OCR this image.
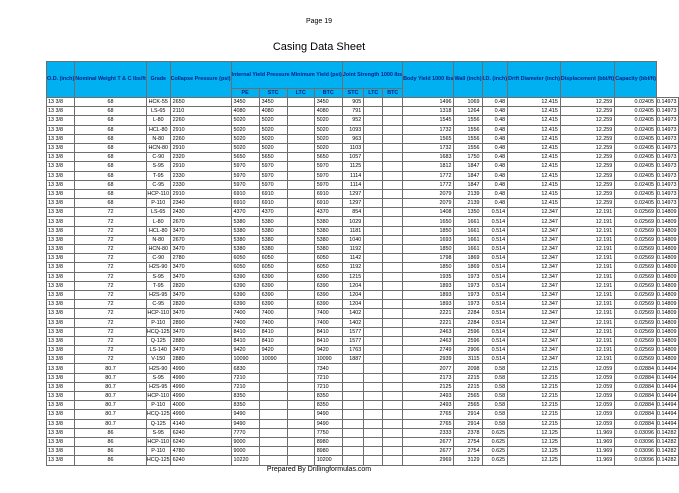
Page 19
Casing Data Sheet
O.D. (inch)	Nominal Weight T & C lbs/ft	Grade	Collapse Pressure (psi)	Internal Yield Pressure Minimum Yield (psi)				Joint Strength 1000 lbs			Body Yield 1000 lbs	Wall (inch)	I.D. (inch)	Drift Diameter (inch)	Displacement (bbl/ft)	Capacity (bbl/ft)	
				PE	STC	LTC	BTC	STC	LTC	BTC							
13 3/8	68	HCK-55	2650	3450	3450		3450	905			1496	1069	0.48	12.415	12.259	0.02405	0.14973
13 3/8	68	LS-65	2110	4080	4080		4080	791			1318	1264	0.48	12.415	12.259	0.02405	0.14973
13 3/8	68	L-80	2260	5020	5020		5020	952			1545	1556	0.48	12.415	12.259	0.02405	0.14973
13 3/8	68	HCL-80	2910	5020	5020		5020	1093			1732	1556	0.48	12.415	12.259	0.02405	0.14973
13 3/8	68	N-80	2260	5020	5020		5020	963			1565	1556	0.48	12.415	12.259	0.02405	0.14973
13 3/8	68	HCN-80	2910	5020	5020		5020	1103			1732	1556	0.48	12.415	12.259	0.02405	0.14973
13 3/8	68	C-90	2320	5650	5650		5650	1057			1683	1750	0.48	12.415	12.259	0.02405	0.14973
13 3/8	68	S-95	2910	5970	5970		5970	1125			1812	1847	0.48	12.415	12.259	0.02405	0.14973
13 3/8	68	T-95	2330	5970	5970		5970	1114			1772	1847	0.48	12.415	12.259	0.02405	0.14973
13 3/8	68	C-95	2330	5970	5970		5970	1114			1772	1847	0.48	12.415	12.259	0.02405	0.14973
13 3/8	68	HCP-110	2910	6910	6910		6910	1297			2079	2139	0.48	12.415	12.259	0.02405	0.14973
13 3/8	68	P-110	2340	6910	6910		6910	1297			2079	2139	0.48	12.415	12.259	0.02405	0.14973
13 3/8	72	LS-65	2430	4370	4370		4370	854			1408	1350	0.514	12.347	12.191	0.02569	0.14809
13 3/8	72	L-80	2670	5380	5380		5380	1029			1650	1661	0.514	12.347	12.191	0.02569	0.14809
13 3/8	72	HCL-80	3470	5380	5380		5380	1181			1850	1661	0.514	12.347	12.191	0.02569	0.14809
13 3/8	72	N-80	2670	5380	5380		5380	1040			1693	1661	0.514	12.347	12.191	0.02569	0.14809
13 3/8	72	HCN-80	3470	5380	5380		5380	1192			1850	1661	0.514	12.347	12.191	0.02569	0.14809
13 3/8	72	C-90	2780	6050	6050		6050	1142			1798	1869	0.514	12.347	12.191	0.02569	0.14809
13 3/8	72	H2S-90	3470	6050	6050		6050	1192			1850	1869	0.514	12.347	12.191	0.02569	0.14809
13 3/8	72	S-95	3470	6390	6390		6390	1215			1935	1973	0.514	12.347	12.191	0.02569	0.14809
13 3/8	72	T-95	2820	6390	6390		6390	1204			1893	1973	0.514	12.347	12.191	0.02569	0.14809
13 3/8	72	H2S-95	3470	6390	6390		6390	1204			1893	1973	0.514	12.347	12.191	0.02569	0.14809
13 3/8	72	C-95	2820	6390	6390		6390	1204			1893	1973	0.514	12.347	12.191	0.02569	0.14809
13 3/8	72	HCP-110	3470	7400	7400		7400	1402			2221	2284	0.514	12.347	12.191	0.02569	0.14809
13 3/8	72	P-110	2890	7400	7400		7400	1402			2221	2284	0.514	12.347	12.191	0.02569	0.14809
13 3/8	72	HCQ-125	3470	8410	8410		8410	1577			2463	2596	0.514	12.347	12.191	0.02569	0.14809
13 3/8	72	Q-125	2880	8410	8410		8410	1577			2463	2596	0.514	12.347	12.191	0.02569	0.14809
13 3/8	72	LS-140	3470	9420	9420		9420	1763			2749	2906	0.514	12.347	12.191	0.02569	0.14809
13 3/8	72	V-150	2880	10090	10090		10090	1887			2939	3115	0.514	12.347	12.191	0.02569	0.14809
13 3/8	80.7	H2S-90	4990	6830			7340				2077	2098	0.58	12.215	12.059	0.02884	0.14494
13 3/8	80.7	S-95	4990	7210			7210				2173	2215	0.58	12.215	12.059	0.02884	0.14494
13 3/8	80.7	H2S-95	4990	7210			7210				2125	2215	0.58	12.215	12.059	0.02884	0.14494
13 3/8	80.7	HCP-110	4990	8350			8350				2493	2565	0.58	12.215	12.059	0.02884	0.14494
13 3/8	80.7	P-110	4000	8350			8350				2493	2565	0.58	12.215	12.059	0.02884	0.14494
13 3/8	80.7	HCQ-125	4990	9490			9490				2765	2914	0.58	12.215	12.059	0.02884	0.14494
13 3/8	80.7	Q-125	4140	9490			9490				2765	2914	0.58	12.215	12.059	0.02884	0.14494
13 3/8	86	S-95	6240	7770			7750				2333	2378	0.625	12.125	11.969	0.03096	0.14282
13 3/8	86	HCP-110	6240	9000			8980				2677	2754	0.625	12.125	11.969	0.03096	0.14282
13 3/8	86	P-110	4780	9000			8980				2677	2754	0.625	12.125	11.969	0.03096	0.14282
13 3/8	86	HCQ-125	6240	10220			10200				2969	3129	0.625	12.125	11.969	0.03096	0.14282
Prepared By Drillingformulas.com
